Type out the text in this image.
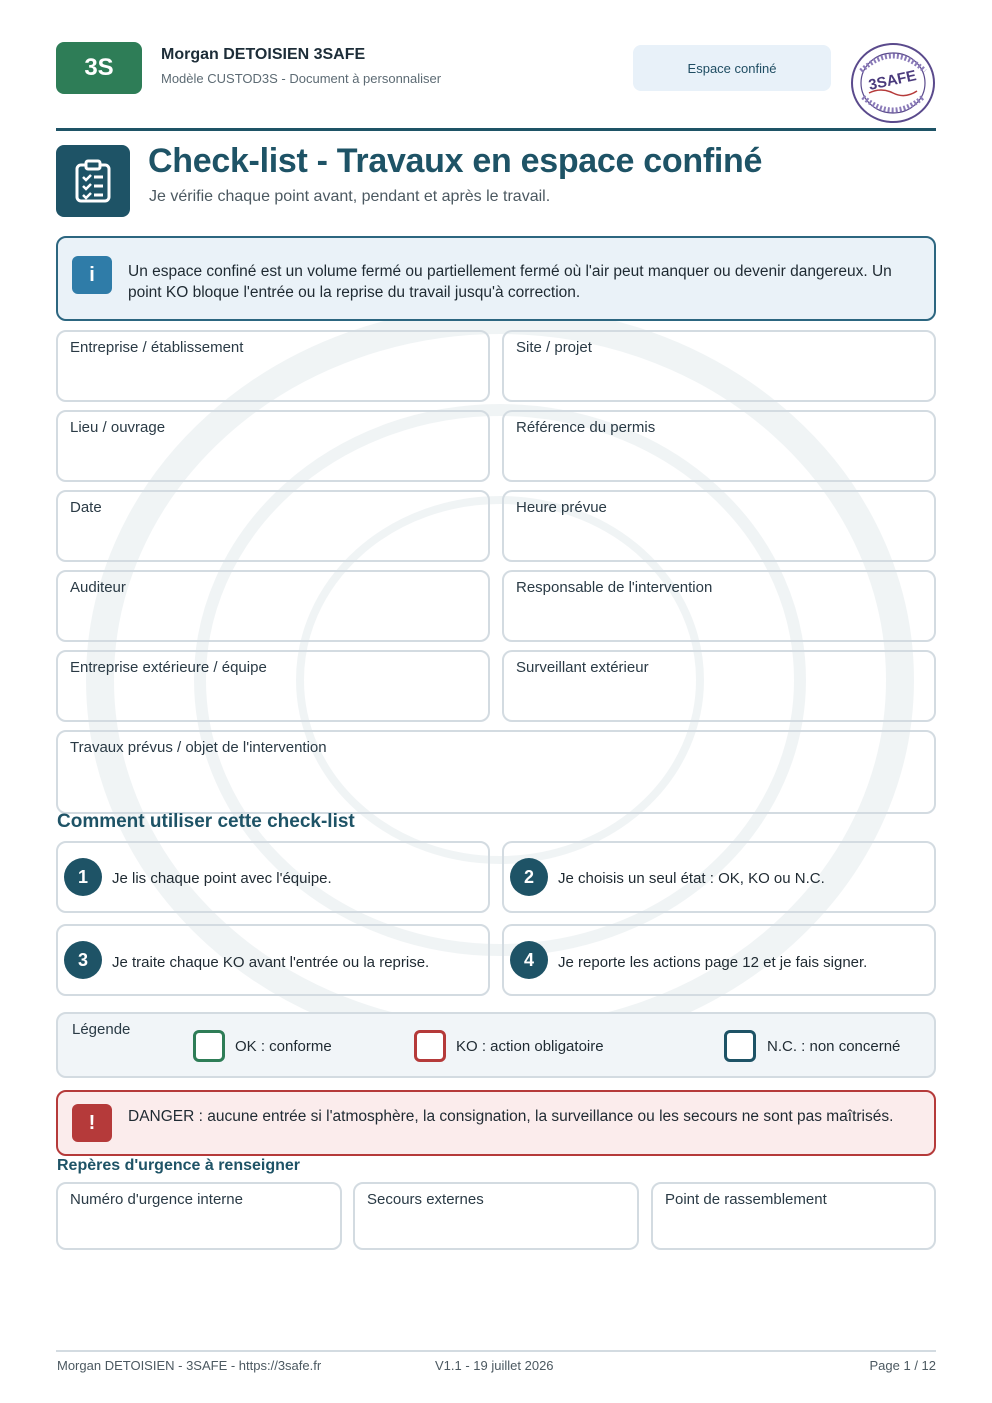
3S	Morgan DETOISIEN 3SAFE
Modèle CUSTOD3S - Document à personnaliser
Espace confiné	3SAFE
Check-list - Travaux en espace confiné
Je vérifie chaque point avant, pendant et après le travail.
i	Un espace confiné est un volume fermé ou partiellement fermé où l'air peut manquer ou devenir dangereux. Un point KO bloque l'entrée ou la reprise du travail jusqu'à correction.
Entreprise / établissement	Site / projet
Lieu / ouvrage	Référence du permis
Date	Heure prévue
Auditeur	Responsable de l'intervention
Entreprise extérieure / équipe	Surveillant extérieur
Travaux prévus / objet de l'intervention
Comment utiliser cette check-list
1	Je lis chaque point avec l'équipe.	2	Je choisis un seul état : OK, KO ou N.C.
3	Je traite chaque KO avant l'entrée ou la reprise.	4	Je reporte les actions page 12 et je fais signer.
Légende
OK : conforme	KO : action obligatoire	N.C. : non concerné
!	DANGER : aucune entrée si l'atmosphère, la consignation, la surveillance ou les secours ne sont pas maîtrisés.
Repères d'urgence à renseigner
Numéro d'urgence interne	Secours externes	Point de rassemblement
Morgan DETOISIEN - 3SAFE - https://3safe.fr	V1.1 - 19 juillet 2026	Page 1 / 12
